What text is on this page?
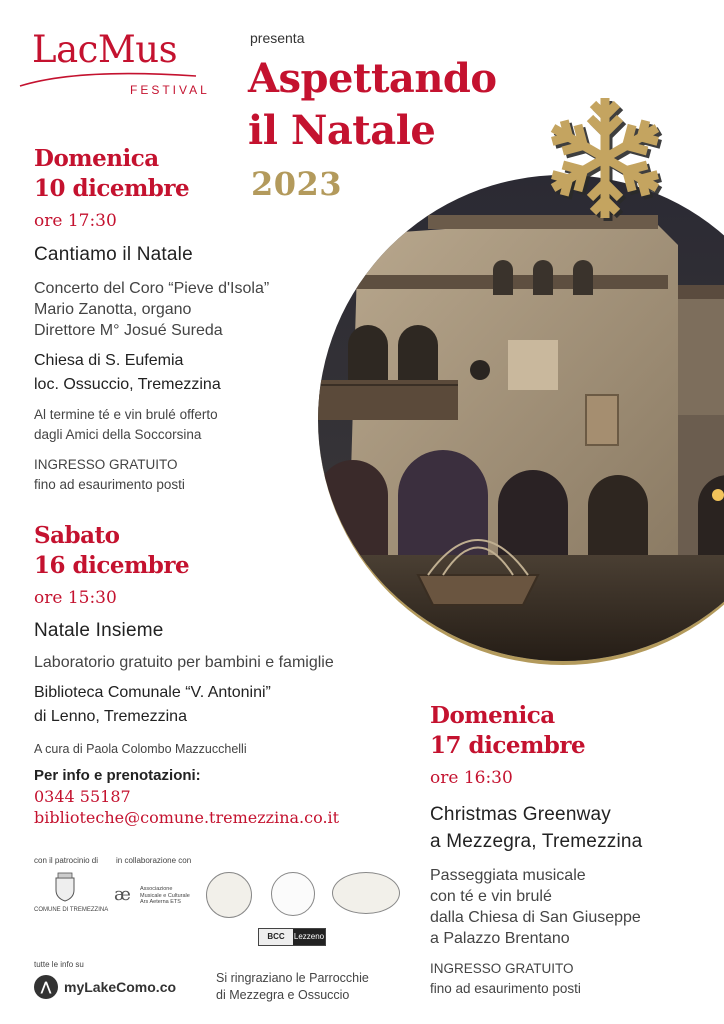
LacMus
FESTIVAL
presenta
Aspettando
il Natale
2023
Domenica
10 dicembre
ore 17:30
Cantiamo il Natale
Concerto del Coro “Pieve d'Isola”
Mario Zanotta, organo
Direttore M° Josué Sureda
Chiesa di S. Eufemia
loc. Ossuccio, Tremezzina
Al termine té e vin brulé offerto
dagli Amici della Soccorsina
INGRESSO GRATUITO
fino ad esaurimento posti
Sabato
16 dicembre
ore 15:30
Natale Insieme
Laboratorio gratuito per bambini e famiglie
Biblioteca Comunale “V. Antonini”
di Lenno, Tremezzina
A cura di Paola Colombo Mazzucchelli
Per info e prenotazioni:
0344 55187
biblioteche@comune.tremezzina.co.it
Domenica
17 dicembre
ore 16:30
Christmas Greenway
a Mezzegra, Tremezzina
Passeggiata musicale
con té e vin brulé
dalla Chiesa di San Giuseppe
a Palazzo Brentano
INGRESSO GRATUITO
fino ad esaurimento posti
con il patrocinio di in collaborazione con
COMUNE DI TREMEZZINA
æ Associazione
Musicale e Culturale
Ars Aeterna ETS
BCC	Lezzeno
tutte le info su
⋀ myLakeComo.co
Si ringraziano le Parrocchie
di Mezzegra e Ossuccio
